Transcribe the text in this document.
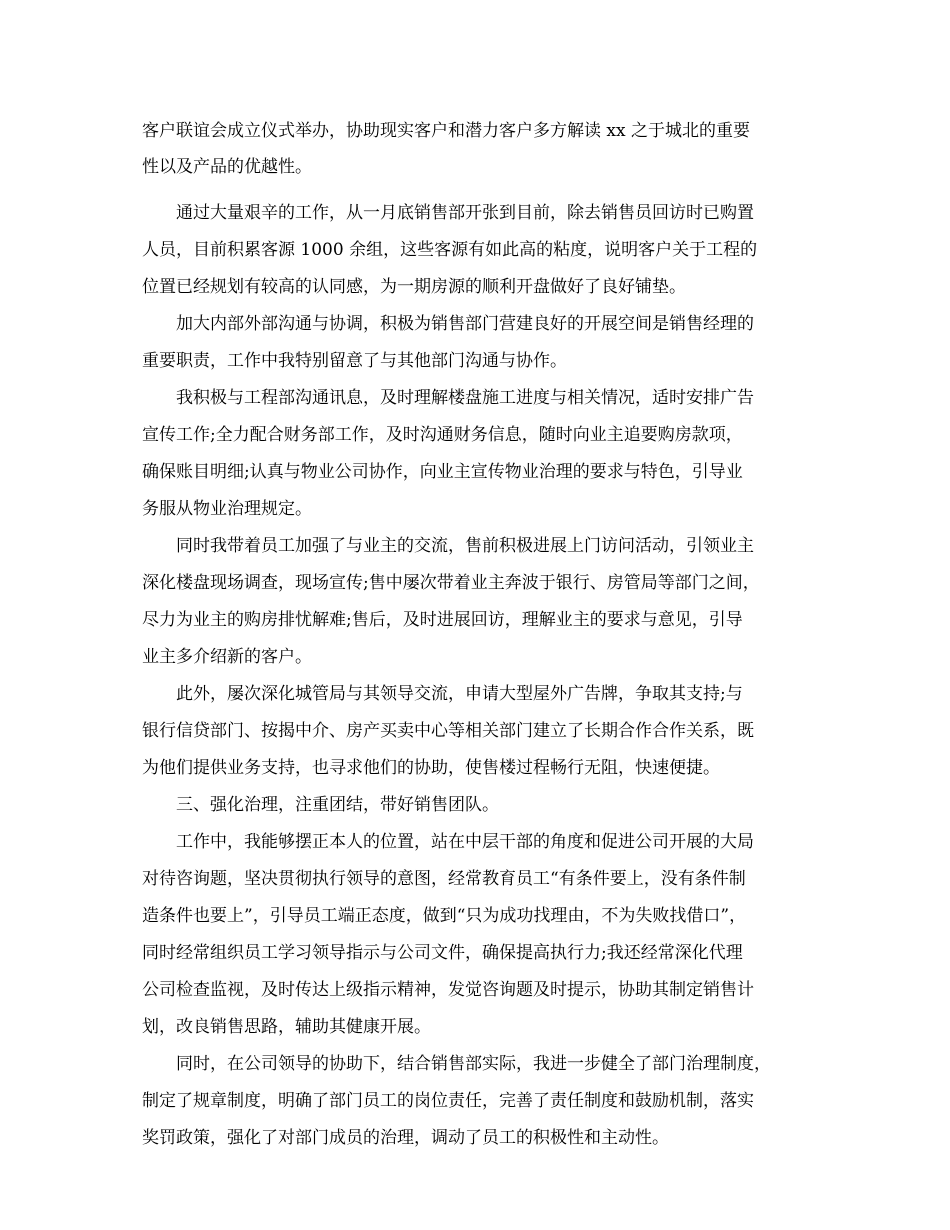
客户联谊会成立仪式举办，协助现实客户和潜力客户多方解读 xx 之于城北的重要
性以及产品的优越性。
通过大量艰辛的工作，从一月底销售部开张到目前，除去销售员回访时已购置
人员，目前积累客源 1000 余组，这些客源有如此高的粘度，说明客户关于工程的
位置已经规划有较高的认同感，为一期房源的顺利开盘做好了良好铺垫。
加大内部外部沟通与协调，积极为销售部门营建良好的开展空间是销售经理的
重要职责，工作中我特别留意了与其他部门沟通与协作。
我积极与工程部沟通讯息，及时理解楼盘施工进度与相关情况，适时安排广告
宣传工作;全力配合财务部工作，及时沟通财务信息，随时向业主追要购房款项，
确保账目明细;认真与物业公司协作，向业主宣传物业治理的要求与特色，引导业
务服从物业治理规定。
同时我带着员工加强了与业主的交流，售前积极进展上门访问活动，引领业主
深化楼盘现场调查，现场宣传;售中屡次带着业主奔波于银行、房管局等部门之间，
尽力为业主的购房排忧解难;售后，及时进展回访，理解业主的要求与意见，引导
业主多介绍新的客户。
此外，屡次深化城管局与其领导交流，申请大型屋外广告牌，争取其支持;与
银行信贷部门、按揭中介、房产买卖中心等相关部门建立了长期合作合作关系，既
为他们提供业务支持，也寻求他们的协助，使售楼过程畅行无阻，快速便捷。
三、强化治理，注重团结，带好销售团队。
工作中，我能够摆正本人的位置，站在中层干部的角度和促进公司开展的大局
对待咨询题，坚决贯彻执行领导的意图，经常教育员工“有条件要上，没有条件制
造条件也要上”，引导员工端正态度，做到“只为成功找理由，不为失败找借口”，
同时经常组织员工学习领导指示与公司文件，确保提高执行力;我还经常深化代理
公司检查监视，及时传达上级指示精神，发觉咨询题及时提示，协助其制定销售计
划，改良销售思路，辅助其健康开展。
同时，在公司领导的协助下，结合销售部实际，我进一步健全了部门治理制度，
制定了规章制度，明确了部门员工的岗位责任，完善了责任制度和鼓励机制，落实
奖罚政策，强化了对部门成员的治理，调动了员工的积极性和主动性。
